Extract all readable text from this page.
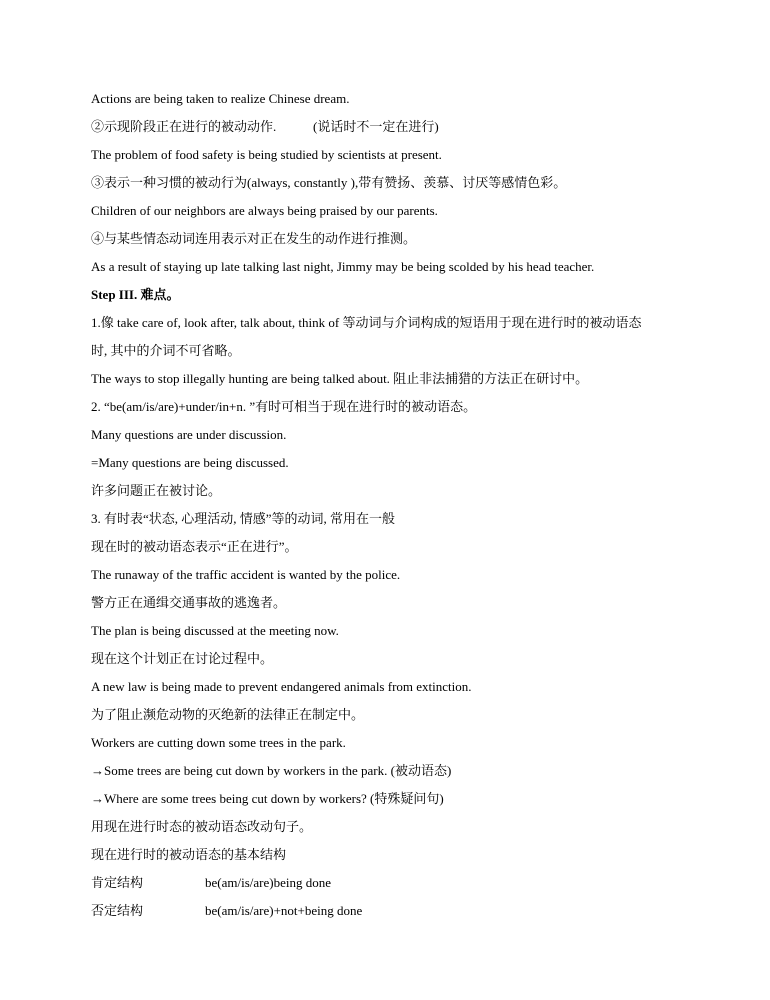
Actions are being taken to realize Chinese dream.
②示现阶段正在进行的被动动作.	(说话时不一定在进行)
The problem of food safety is being studied by scientists at present.
③表示一种习惯的被动行为(always, constantly ),带有赞扬、羡慕、讨厌等感情色彩。
Children of our neighbors are always being praised by our parents.
④与某些情态动词连用表示对正在发生的动作进行推测。
As a result of staying up late talking last night, Jimmy may be being scolded by his head teacher.
Step III. 难点。
1.像 take care of, look after, talk about, think of 等动词与介词构成的短语用于现在进行时的被动语态
时, 其中的介词不可省略。
The ways to stop illegally hunting are being talked about. 阻止非法捕猎的方法正在研讨中。
2. “be(am/is/are)+under/in+n. ”有时可相当于现在进行时的被动语态。
Many questions are under discussion.
=Many questions are being discussed.
许多问题正在被讨论。
3. 有时表“状态, 心理活动, 情感”等的动词, 常用在一般
现在时的被动语态表示“正在进行”。
The runaway of the traffic accident is wanted by the police.
警方正在通缉交通事故的逃逸者。
The plan is being discussed at the meeting now.
现在这个计划正在讨论过程中。
A new law is being made to prevent endangered animals from extinction.
为了阻止濒危动物的灭绝新的法律正在制定中。
Workers are cutting down some trees in the park.
→Some trees are being cut down by workers in the park. (被动语态)
→Where are some trees being cut down by workers? (特殊疑问句)
用现在进行时态的被动语态改动句子。
现在进行时的被动语态的基本结构
肯定结构	be(am/is/are)being done
否定结构	be(am/is/are)+not+being done
